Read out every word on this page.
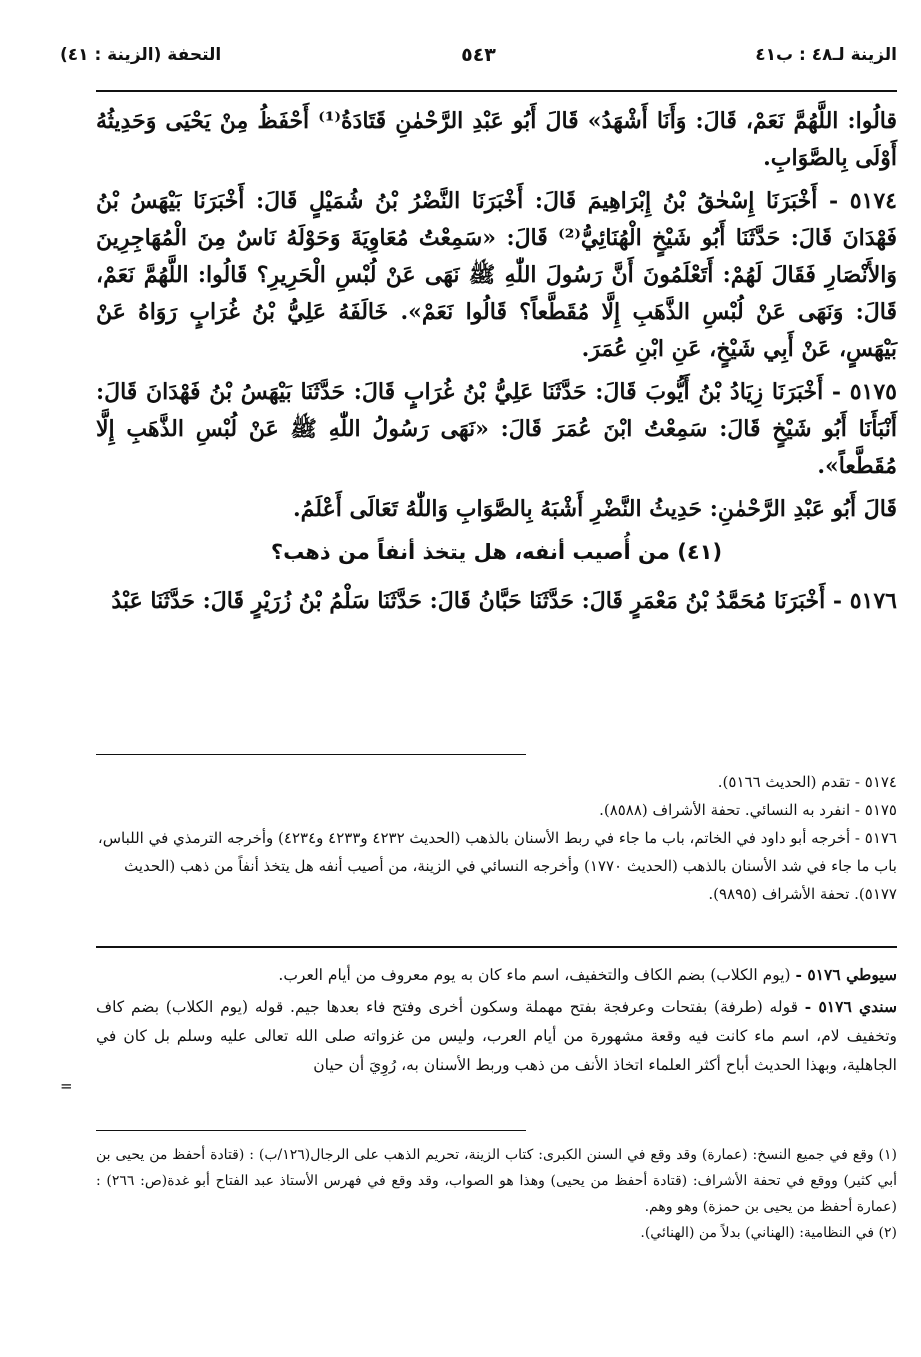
الزينة لـ٤٨ : ب٤١
٥٤٣
التحفة (الزينة : ٤١)

قالُوا: اللَّهُمَّ نَعَمْ، قَالَ: وَأَنَا أَشْهَدُ» قَالَ أَبُو عَبْدِ الرَّحْمٰنِ قَتَادَةُ⁽¹⁾ أَحْفَظُ مِنْ يَحْيَى وَحَدِيثُهُ أَوْلَى بِالصَّوَابِ.

٥١٧٤ - أَخْبَرَنَا إِسْحٰقُ بْنُ إِبْرَاهِيمَ قَالَ: أَخْبَرَنَا النَّضْرُ بْنُ شُمَيْلٍ قَالَ: أَخْبَرَنَا بَيْهَسُ بْنُ فَهْدَانَ قَالَ: حَدَّثَنَا أَبُو شَيْخٍ الْهُنَائِيُّ⁽²⁾ قَالَ: «سَمِعْتُ مُعَاوِيَةَ وَحَوْلَهُ نَاسٌ مِنَ الْمُهَاجِرِينَ وَالأَنْصَارِ فَقَالَ لَهُمْ: أَتَعْلَمُونَ أَنَّ رَسُولَ اللّٰهِ ﷺ نَهَى عَنْ لُبْسِ الْحَرِيرِ؟ قَالُوا: اللَّهُمَّ نَعَمْ، قَالَ: وَنَهَى عَنْ لُبْسِ الذَّهَبِ إِلَّا مُقَطَّعاً؟ قَالُوا نَعَمْ». خَالَفَهُ عَلِيُّ بْنُ غُرَابٍ رَوَاهُ عَنْ بَيْهَسٍ، عَنْ أَبِي شَيْخٍ، عَنِ ابْنِ عُمَرَ.

٥١٧٥ - أَخْبَرَنَا زِيَادُ بْنُ أَيُّوبَ قَالَ: حَدَّثَنَا عَلِيُّ بْنُ غُرَابٍ قَالَ: حَدَّثَنَا بَيْهَسُ بْنُ فَهْدَانَ قَالَ: أَنْبَأَنَا أَبُو شَيْخٍ قَالَ: سَمِعْتُ ابْنَ عُمَرَ قَالَ: «نَهَى رَسُولُ اللّٰهِ ﷺ عَنْ لُبْسِ الذَّهَبِ إِلَّا مُقَطَّعاً».

قَالَ أَبُو عَبْدِ الرَّحْمٰنِ: حَدِيثُ النَّضْرِ أَشْبَهُ بِالصَّوَابِ وَاللّٰهُ تَعَالَى أَعْلَمُ.

(٤١) من أُصيب أنفه، هل يتخذ أنفاً من ذهب؟

٥١٧٦ - أَخْبَرَنَا مُحَمَّدُ بْنُ مَعْمَرٍ قَالَ: حَدَّثَنَا حَبَّانُ قَالَ: حَدَّثَنَا سَلْمُ بْنُ زُرَيْرٍ قَالَ: حَدَّثَنَا عَبْدُ

٥١٧٤ - تقدم (الحديث ٥١٦٦).

٥١٧٥ - انفرد به النسائي. تحفة الأشراف (٨٥٨٨).

٥١٧٦ - أخرجه أبو داود في الخاتم، باب ما جاء في ربط الأسنان بالذهب (الحديث ٤٢٣٢ و٤٢٣٣ و٤٢٣٤) وأخرجه الترمذي في اللباس، باب ما جاء في شد الأسنان بالذهب (الحديث ١٧٧٠) وأخرجه النسائي في الزينة، من أصيب أنفه هل يتخذ أنفاً من ذهب (الحديث ٥١٧٧). تحفة الأشراف (٩٨٩٥).

سيوطي ٥١٧٦ - (يوم الكلاب) بضم الكاف والتخفيف، اسم ماء كان به يوم معروف من أيام العرب.

سندي ٥١٧٦ - قوله (طرفة) بفتحات وعرفجة بفتح مهملة وسكون أخرى وفتح فاء بعدها جيم. قوله (يوم الكلاب) بضم كاف وتخفيف لام، اسم ماء كانت فيه وقعة مشهورة من أيام العرب، وليس من غزواته صلى الله تعالى عليه وسلم بل كان في الجاهلية، وبهذا الحديث أباح أكثر العلماء اتخاذ الأنف من ذهب وربط الأسنان به، رُوِيَ أن حيان

=

(١) وقع في جميع النسخ: (عمارة) وقد وقع في السنن الكبرى: كتاب الزينة، تحريم الذهب على الرجال(١٢٦/ب) : (قتادة أحفظ من يحيى بن أبي كثير) ووقع في تحفة الأشراف: (قتادة أحفظ من يحيى) وهذا هو الصواب، وقد وقع في فهرس الأستاذ عبد الفتاح أبو غدة(ص: ٢٦٦) : (عمارة أحفظ من يحيى بن حمزة) وهو وهم.

(٢) في النظامية: (الهناني) بدلاً من (الهنائي).
